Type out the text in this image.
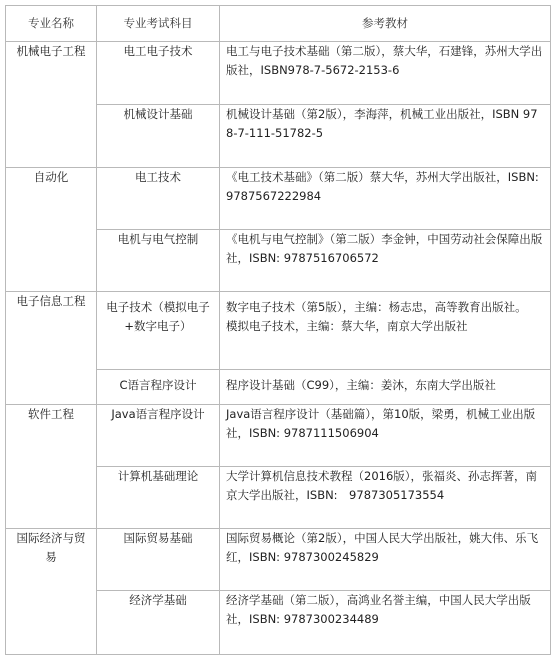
专业名称	专业考试科目	参考教材
机械电子工程	电工电子技术	电工与电子技术基础（第二版），蔡大华，石建锋，苏州大学出版社，ISBN978-7-5672-2153-6
	机械设计基础	机械设计基础（第2版），李海萍，机械工业出版社，ISBN 978-7-111-51782-5
自动化	电工技术	《电工技术基础》（第二版）蔡大华，苏州大学出版社，ISBN: 9787567222984
	电机与电气控制	《电机与电气控制》（第二版）李金钟，中国劳动社会保障出版社，ISBN: 9787516706572
电子信息工程	电子技术（模拟电子+数字电子）	数字电子技术（第5版），主编：杨志忠，高等教育出版社。
模拟电子技术，主编：蔡大华，南京大学出版社

	C语言程序设计	程序设计基础（C99），主编：姜沐，东南大学出版社
软件工程	Java语言程序设计	Java语言程序设计（基础篇），第10版，梁勇，机械工业出版社，ISBN: 9787111506904
	计算机基础理论	大学计算机信息技术教程（2016版），张福炎、孙志挥著，南京大学出版社，ISBN:　9787305173554
国际经济与贸易	国际贸易基础	国际贸易概论（第2版），中国人民大学出版社，姚大伟、乐飞红，ISBN: 9787300245829
	经济学基础	经济学基础（第二版），高鸿业名誉主编，中国人民大学出版社，ISBN: 9787300234489
